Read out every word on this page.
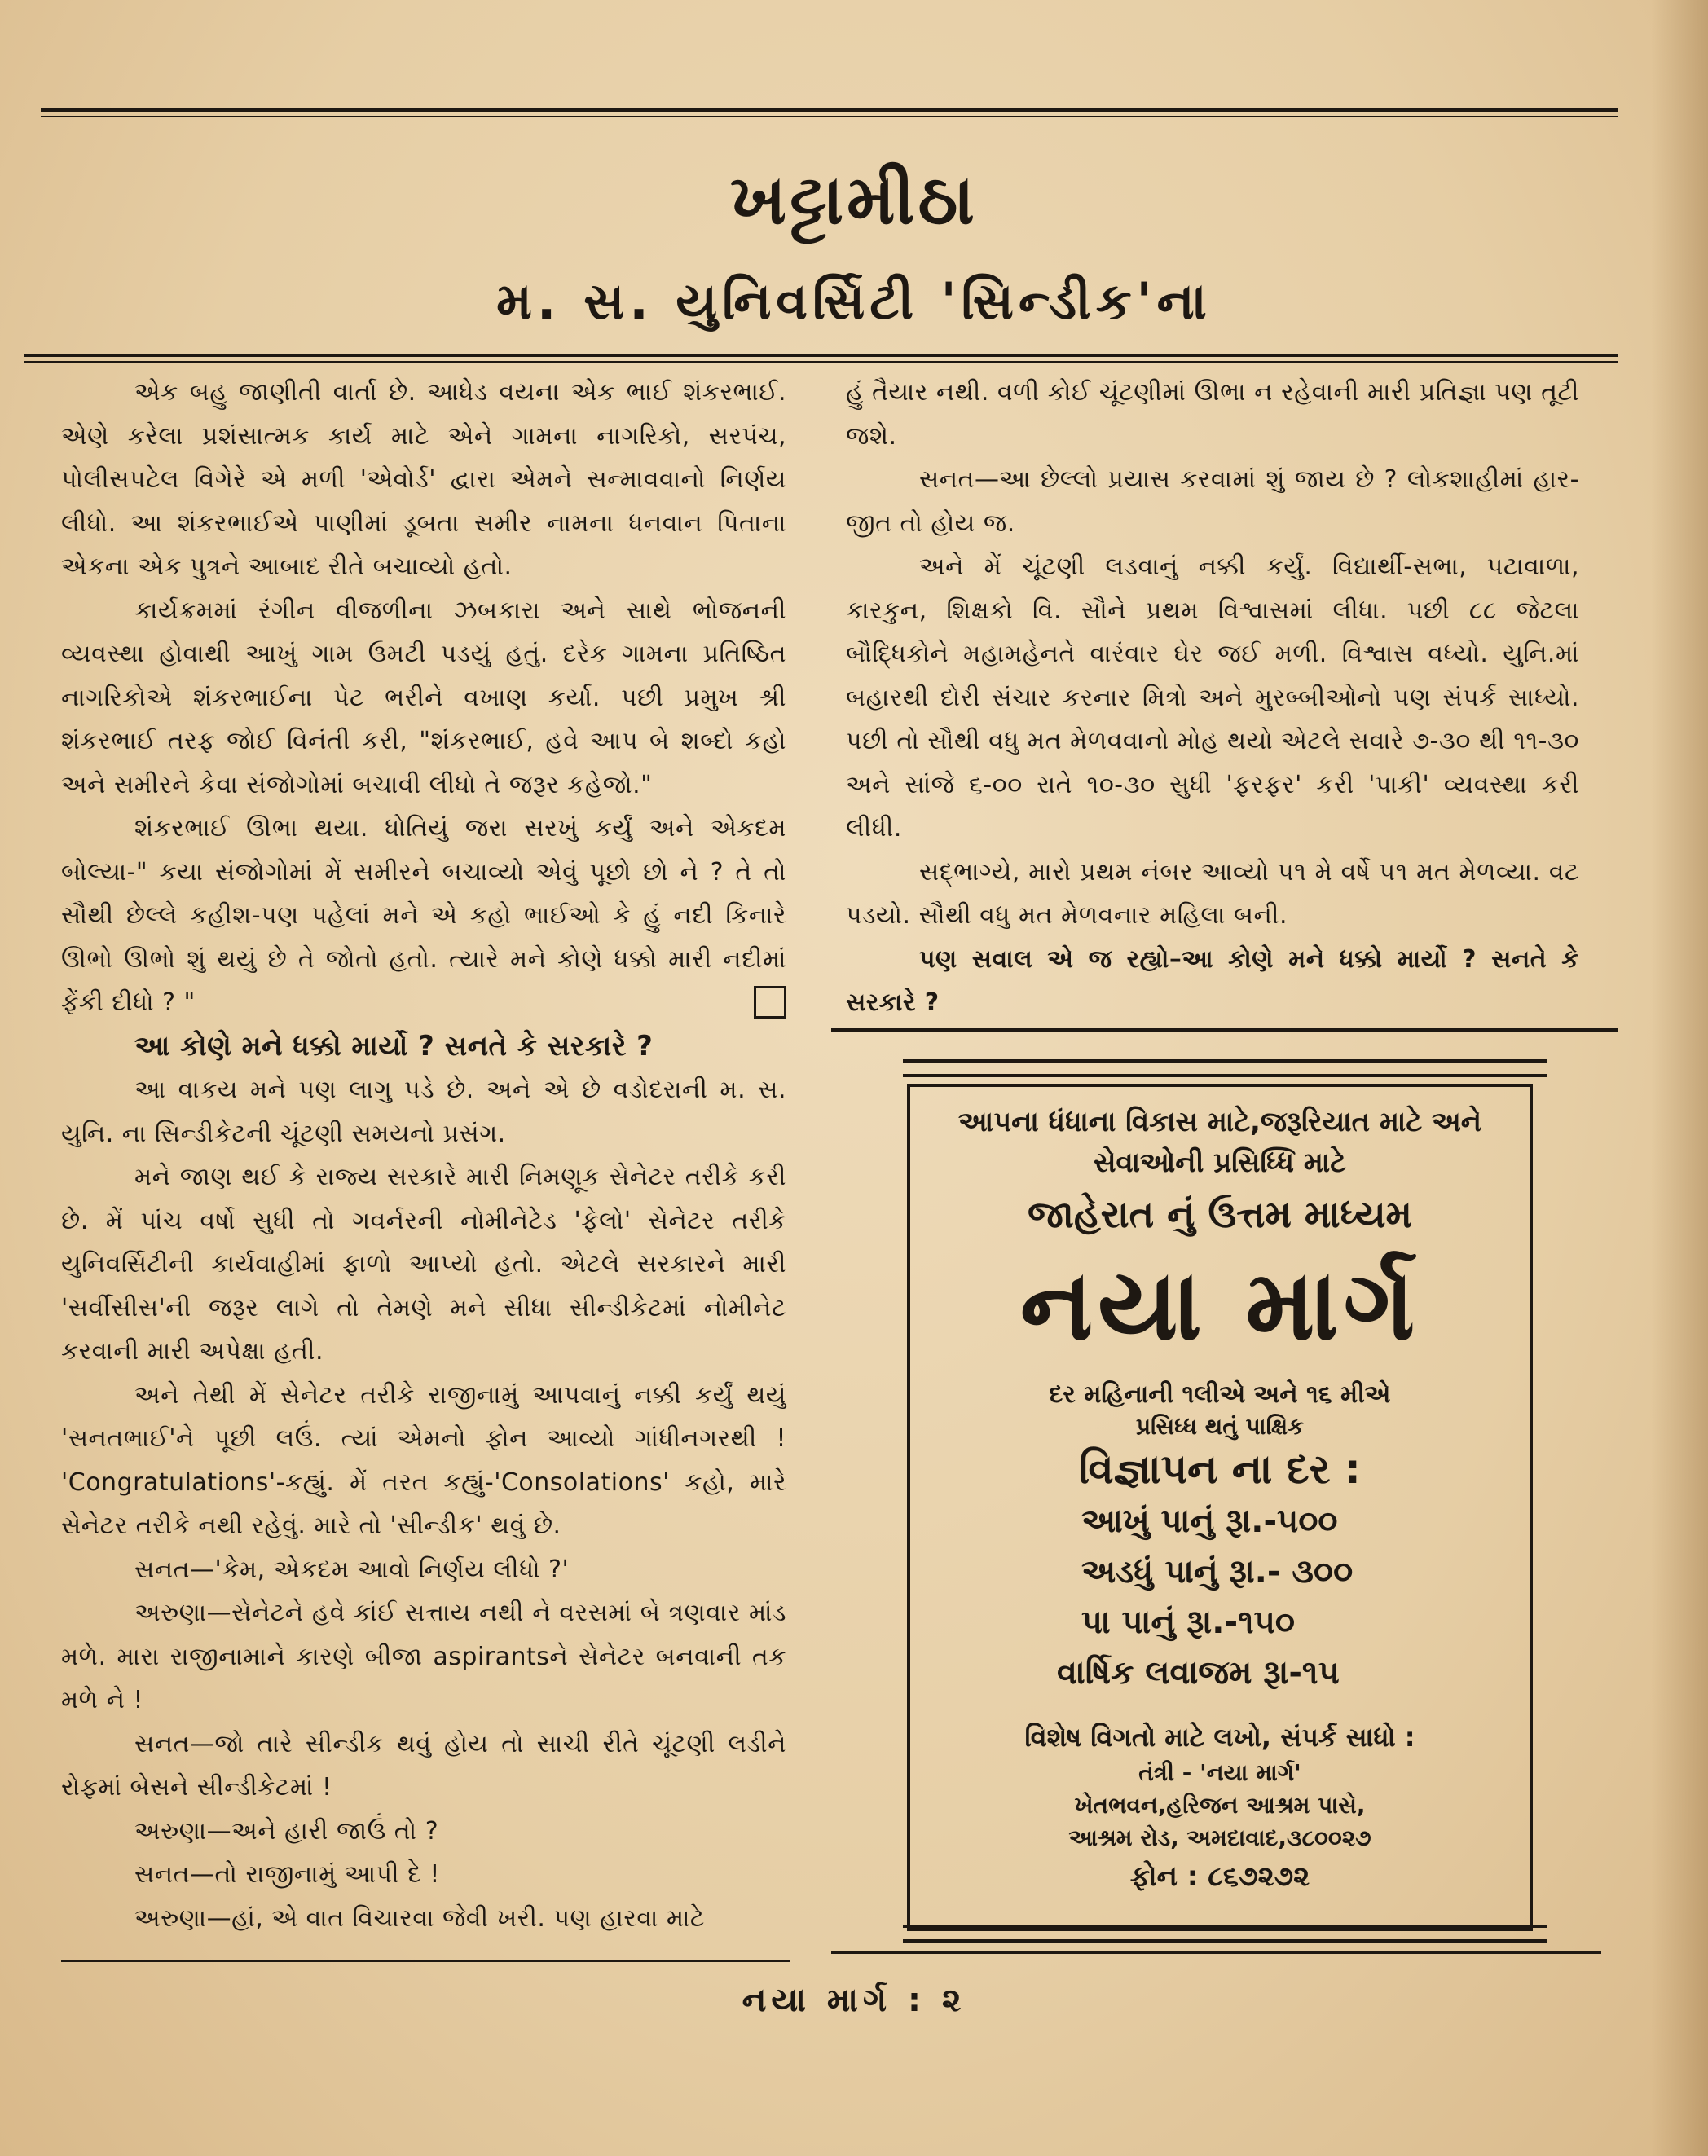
ખટ્ટામીઠા
મ. સ. યુનિવર્સિટી 'સિન્ડીક'ના

એક બહુ જાણીતી વાર્તા છે. આધેડ વયના એક ભાઈ શંકરભાઈ. એણે કરેલા પ્રશંસાત્મક કાર્ય માટે એને ગામના નાગરિકો, સરપંચ, પોલીસપટેલ વિગેરે એ મળી 'એવોર્ડ' દ્વારા એમને સન્માવવાનો નિર્ણય લીધો. આ શંકરભાઈએ પાણીમાં ડૂબતા સમીર નામના ધનવાન પિતાના એકના એક પુત્રને આબાદ રીતે બચાવ્યો હતો.

કાર્યક્રમમાં રંગીન વીજળીના ઝબકારા અને સાથે ભોજનની વ્યવસ્થા હોવાથી આખું ગામ ઉમટી પડયું હતું. દરેક ગામના પ્રતિષ્ઠિત નાગરિકોએ શંકરભાઈના પેટ ભરીને વખાણ કર્યા. પછી પ્રમુખ શ્રી શંકરભાઈ તરફ જોઈ વિનંતી કરી, "શંકરભાઈ, હવે આપ બે શબ્દો કહો અને સમીરને કેવા સંજોગોમાં બચાવી લીધો તે જરૂર કહેજો."

શંકરભાઈ ઊભા થયા. ધોતિયું જરા સરખું કર્યું અને એકદમ બોલ્યા-" કયા સંજોગોમાં મેં સમીરને બચાવ્યો એવું પૂછો છો ને ? તે તો સૌથી છેલ્લે કહીશ-પણ પહેલાં મને એ કહો ભાઈઓ કે હું નદી કિનારે ઊભો ઊભો શું થયું છે તે જોતો હતો. ત્યારે મને કોણે ધક્કો મારી નદીમાં ફેંકી દીધો ? "

આ કોણે મને ધક્કો માર્યો ? સનતે કે સરકારે ?

આ વાકય મને પણ લાગુ પડે છે. અને એ છે વડોદરાની મ. સ. યુનિ. ના સિન્ડીકેટની ચૂંટણી સમયનો પ્રસંગ.

મને જાણ થઈ કે રાજ્ય સરકારે મારી નિમણૂક સેનેટર તરીકે કરી છે. મેં પાંચ વર્ષો સુધી તો ગવર્નરની નોમીનેટેડ 'ફેલો' સેનેટર તરીકે યુનિવર્સિટીની કાર્યવાહીમાં ફાળો આપ્યો હતો. એટલે સરકારને મારી 'સર્વીસીસ'ની જરૂર લાગે તો તેમણે મને સીધા સીન્ડીકેટમાં નોમીનેટ કરવાની મારી અપેક્ષા હતી.

અને તેથી મેં સેનેટર તરીકે રાજીનામું આપવાનું નક્કી કર્યું થયું 'સનતભાઈ'ને પૂછી લઉં. ત્યાં એમનો ફોન આવ્યો ગાંધીનગરથી ! 'Congratulations'-કહ્યું. મેં તરત કહ્યું-'Consolations' કહો, મારે સેનેટર તરીકે નથી રહેવું. મારે તો 'સીન્ડીક' થવું છે.

સનત—'કેમ, એકદમ આવો નિર્ણય લીધો ?'

અરુણા—સેનેટને હવે કાંઈ સત્તાય નથી ને વરસમાં બે ત્રણવાર માંડ મળે. મારા રાજીનામાને કારણે બીજા aspirantsને સેનેટર બનવાની તક મળે ને !

સનત—જો તારે સીન્ડીક થવું હોય તો સાચી રીતે ચૂંટણી લડીને રોફમાં બેસને સીન્ડીકેટમાં !

અરુણા—અને હારી જાઉં તો ?

સનત—તો રાજીનામું આપી દે !

અરુણા—હાં, એ વાત વિચારવા જેવી ખરી. પણ હારવા માટે

હું તૈયાર નથી. વળી કોઈ ચૂંટણીમાં ઊભા ન રહેવાની મારી પ્રતિજ્ઞા પણ તૂટી જશે.

સનત—આ છેલ્લો પ્રયાસ કરવામાં શું જાય છે ? લોકશાહીમાં હાર-જીત તો હોય જ.

અને મેં ચૂંટણી લડવાનું નક્કી કર્યું. વિદ્યાર્થી-સભા, પટાવાળા, કારકુન, શિક્ષકો વિ. સૌને પ્રથમ વિશ્વાસમાં લીધા. પછી ૮૮ જેટલા બૌદ્ધિકોને મહામહેનતે વારંવાર ઘેર જઈ મળી. વિશ્વાસ વધ્યો. યુનિ.માં બહારથી દોરી સંચાર કરનાર મિત્રો અને મુરબ્બીઓનો પણ સંપર્ક સાધ્યો. પછી તો સૌથી વધુ મત મેળવવાનો મોહ થયો એટલે સવારે ૭-૩૦ થી ૧૧-૩૦ અને સાંજે ૬-૦૦ રાતે ૧૦-૩૦ સુધી 'ફરફર' કરી 'પાકી' વ્યવસ્થા કરી લીધી.

સદ્ભાગ્યે, મારો પ્રથમ નંબર આવ્યો ૫૧ મે વર્ષે ૫૧ મત મેળવ્યા. વટ પડયો. સૌથી વધુ મત મેળવનાર મહિલા બની.

પણ સવાલ એ જ રહ્યો–આ કોણે મને ધક્કો માર્યો ? સનતે કે સરકારે ?

આપના ધંધાના વિકાસ માટે,જરૂરિયાત માટે અને
સેવાઓની પ્રસિધ્ધિ માટે
જાહેરાત નું ઉત્તમ માધ્યમ
નયા માર્ગ
દર મહિનાની ૧લીએ અને ૧૬ મીએ
પ્રસિધ્ધ થતું પાક્ષિક
વિજ્ઞાપન ના દર :
આખું પાનું રૂા.-૫૦૦
અડધું પાનું રૂા.- ૩૦૦
પા પાનું રૂા.-૧૫૦
વાર્ષિક લવાજમ રૂા-૧૫
વિશેષ વિગતો માટે લખો, સંપર્ક સાધો :
તંત્રી - 'નયા માર્ગ'
ખેતભવન,હરિજન આશ્રમ પાસે,
આશ્રમ રોડ, અમદાવાદ,૩૮૦૦૨૭
ફોન : ૮૬૭૨૭૨
નયા માર્ગ : ૨
